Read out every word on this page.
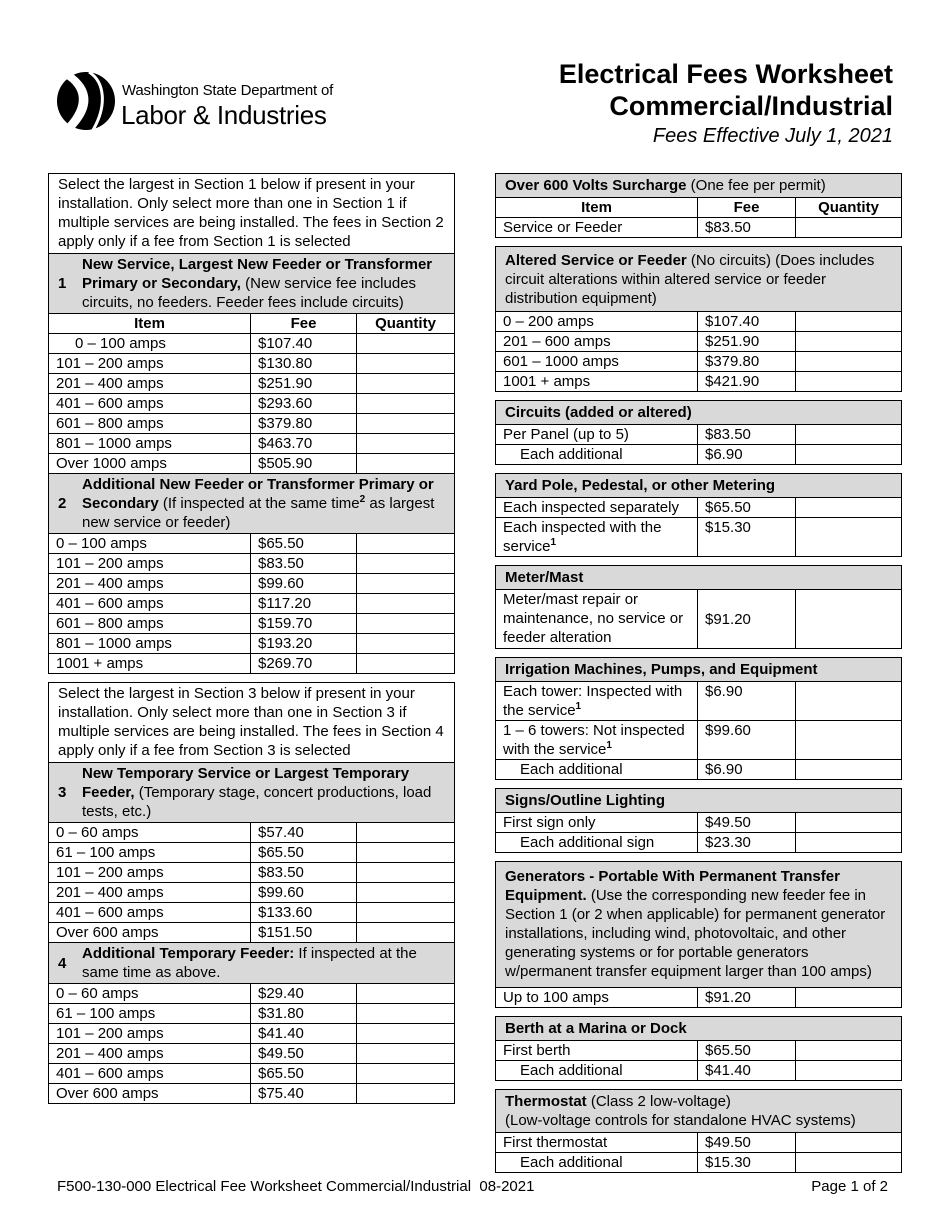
Washington State Department of
Labor & Industries
Electrical Fees Worksheet
Commercial/Industrial
Fees Effective July 1, 2021
Select the largest in Section 1 below if present in your installation. Only select more than one in Section 1 if multiple services are being installed. The fees in Section 2 apply only if a fee from Section 1 is selected		

1
New Service, Largest New Feeder or Transformer Primary or Secondary, (New service fee includes circuits, no feeders. Feeder fees include circuits)		

Item	Fee	Quantity
0 – 100 amps	$107.40	
101 – 200 amps	$130.80	
201 – 400 amps	$251.90	
401 – 600 amps	$293.60	
601 – 800 amps	$379.80	
801 – 1000 amps	$463.70	
Over 1000 amps	$505.90	

2
Additional New Feeder or Transformer Primary or Secondary (If inspected at the same time$^2$ as largest new service or feeder)		

0 – 100 amps	$65.50	
101 – 200 amps	$83.50	
201 – 400 amps	$99.60	
401 – 600 amps	$117.20	
601 – 800 amps	$159.70	
801 – 1000 amps	$193.20	
1001 + amps	$269.70	
Select the largest in Section 3 below if present in your installation. Only select more than one in Section 3 if multiple services are being installed. The fees in Section 4 apply only if a fee from Section 3 is selected		

3
New Temporary Service or Largest Temporary Feeder, (Temporary stage, concert productions, load tests, etc.)		

0 – 60 amps	$57.40	
61 – 100 amps	$65.50	
101 – 200 amps	$83.50	
201 – 400 amps	$99.60	
401 – 600 amps	$133.60	
Over 600 amps	$151.50	

4
Additional Temporary Feeder: If inspected at the same time as above.		

0 – 60 amps	$29.40	
61 – 100 amps	$31.80	
101 – 200 amps	$41.40	
201 – 400 amps	$49.50	
401 – 600 amps	$65.50	
Over 600 amps	$75.40	
Over 600 Volts Surcharge (One fee per permit)		
Item	Fee	Quantity
Service or Feeder	$83.50	
Altered Service or Feeder (No circuits) (Does includes circuit alterations within altered service or feeder distribution equipment)		
0 – 200 amps	$107.40	
201 – 600 amps	$251.90	
601 – 1000 amps	$379.80	
1001 + amps	$421.90	
Circuits (added or altered)		
Per Panel (up to 5)	$83.50	
Each additional	$6.90	
Yard Pole, Pedestal, or other Metering		
Each inspected separately	$65.50	
Each inspected with the service$^1$	$15.30	
Meter/Mast
Meter/mast repair or maintenance, no service or feeder alteration	$91.20	
Irrigation Machines, Pumps, and Equipment		
Each tower: Inspected with the service$^1$	$6.90	
1 – 6 towers: Not inspected with the service$^1$	$99.60	
Each additional	$6.90	
Signs/Outline Lighting		
First sign only	$49.50	
Each additional sign	$23.30	
Generators - Portable With Permanent Transfer Equipment. (Use the corresponding new feeder fee in Section 1 (or 2 when applicable) for permanent generator installations, including wind, photovoltaic, and other generating systems or for portable generators w/permanent transfer equipment larger than 100 amps)
Up to 100 amps	$91.20	
Berth at a Marina or Dock		
First berth	$65.50	
Each additional	$41.40	
Thermostat (Class 2 low-voltage)
(Low-voltage controls for standalone HVAC systems)		
First thermostat	$49.50	
Each additional	$15.30	
F500-130-000 Electrical Fee Worksheet Commercial/Industrial  08-2021	Page 1 of 2
